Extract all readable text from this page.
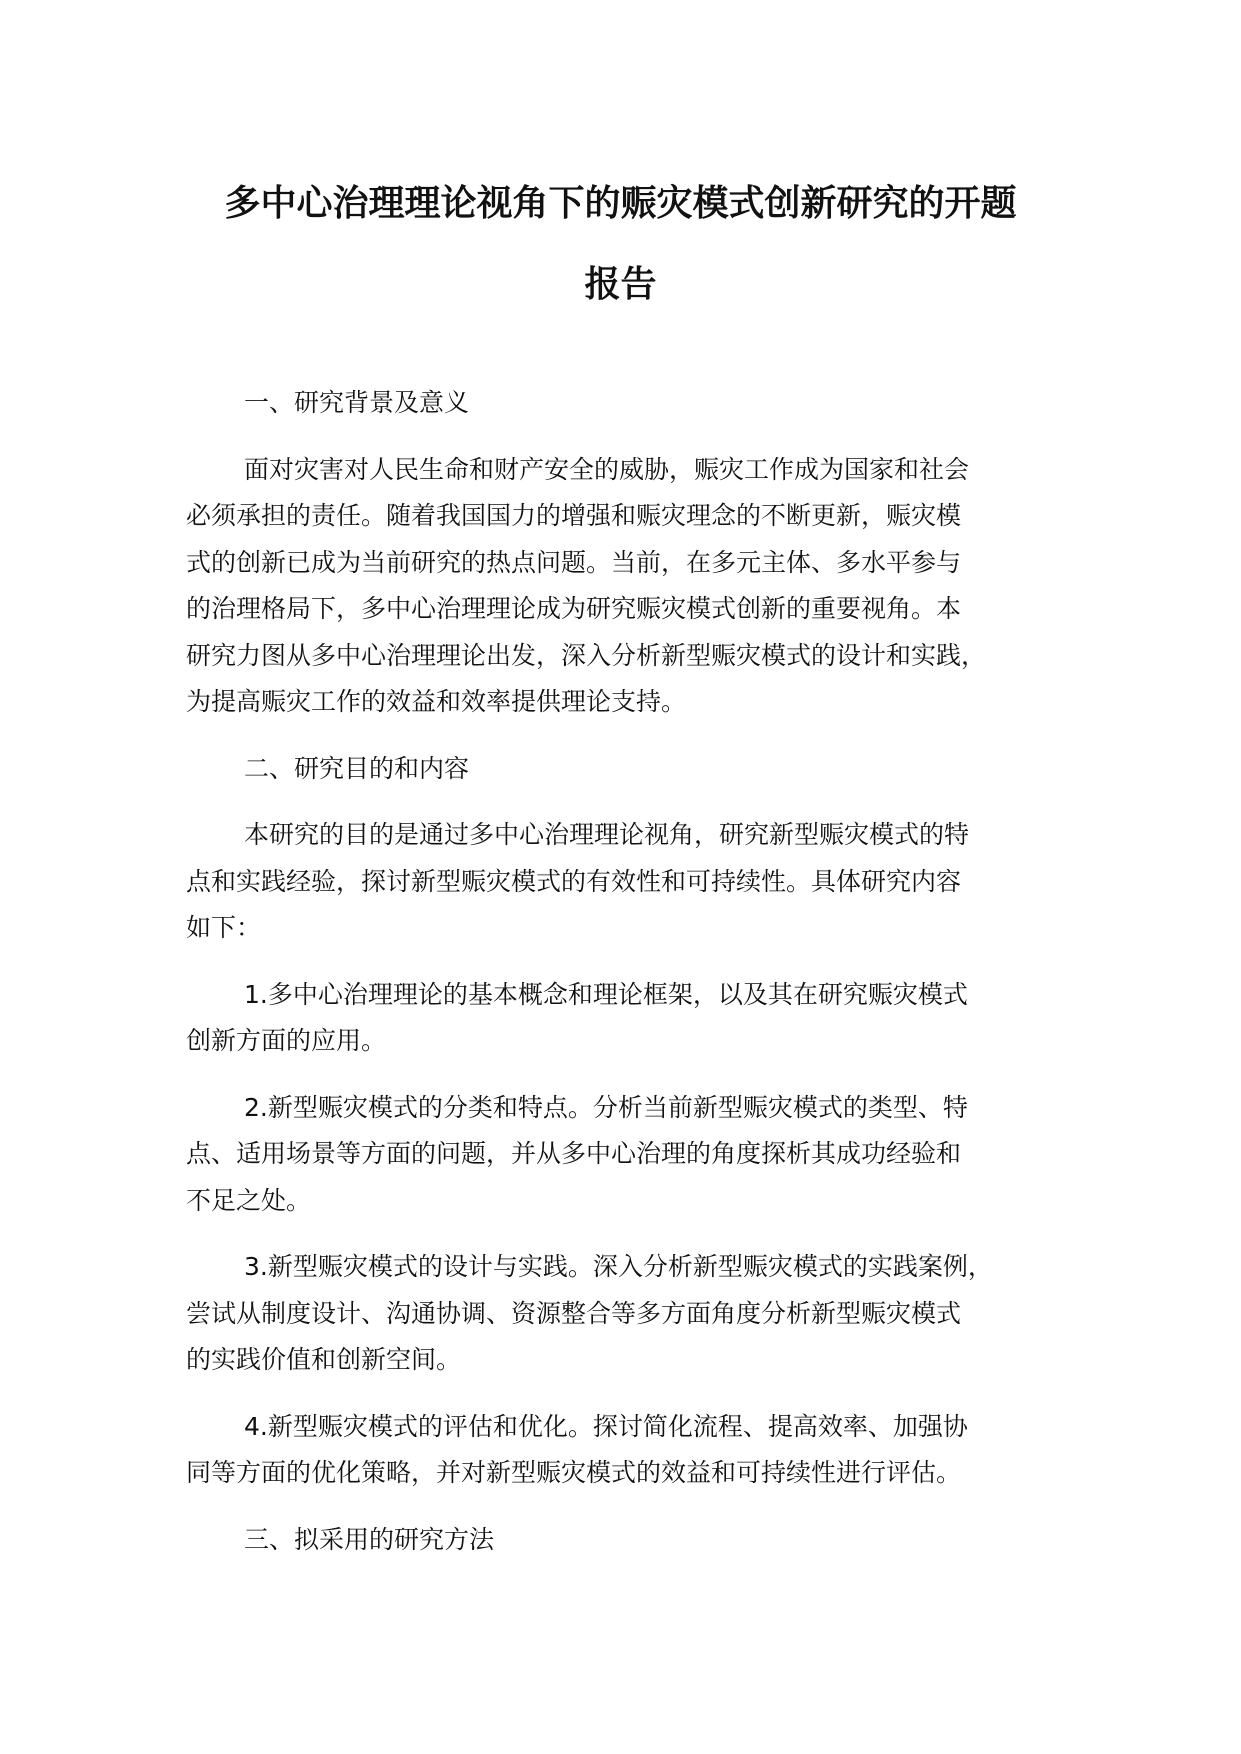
多中心治理理论视角下的赈灾模式创新研究的开题
报告

一、研究背景及意义

面对灾害对人民生命和财产安全的威胁，赈灾工作成为国家和社会
必须承担的责任。随着我国国力的增强和赈灾理念的不断更新，赈灾模
式的创新已成为当前研究的热点问题。当前，在多元主体、多水平参与
的治理格局下，多中心治理理论成为研究赈灾模式创新的重要视角。本
研究力图从多中心治理理论出发，深入分析新型赈灾模式的设计和实践，
为提高赈灾工作的效益和效率提供理论支持。

二、研究目的和内容

本研究的目的是通过多中心治理理论视角，研究新型赈灾模式的特
点和实践经验，探讨新型赈灾模式的有效性和可持续性。具体研究内容
如下：

1.多中心治理理论的基本概念和理论框架，以及其在研究赈灾模式
创新方面的应用。

2.新型赈灾模式的分类和特点。分析当前新型赈灾模式的类型、特
点、适用场景等方面的问题，并从多中心治理的角度探析其成功经验和
不足之处。

3.新型赈灾模式的设计与实践。深入分析新型赈灾模式的实践案例，
尝试从制度设计、沟通协调、资源整合等多方面角度分析新型赈灾模式
的实践价值和创新空间。

4.新型赈灾模式的评估和优化。探讨简化流程、提高效率、加强协
同等方面的优化策略，并对新型赈灾模式的效益和可持续性进行评估。

三、拟采用的研究方法
